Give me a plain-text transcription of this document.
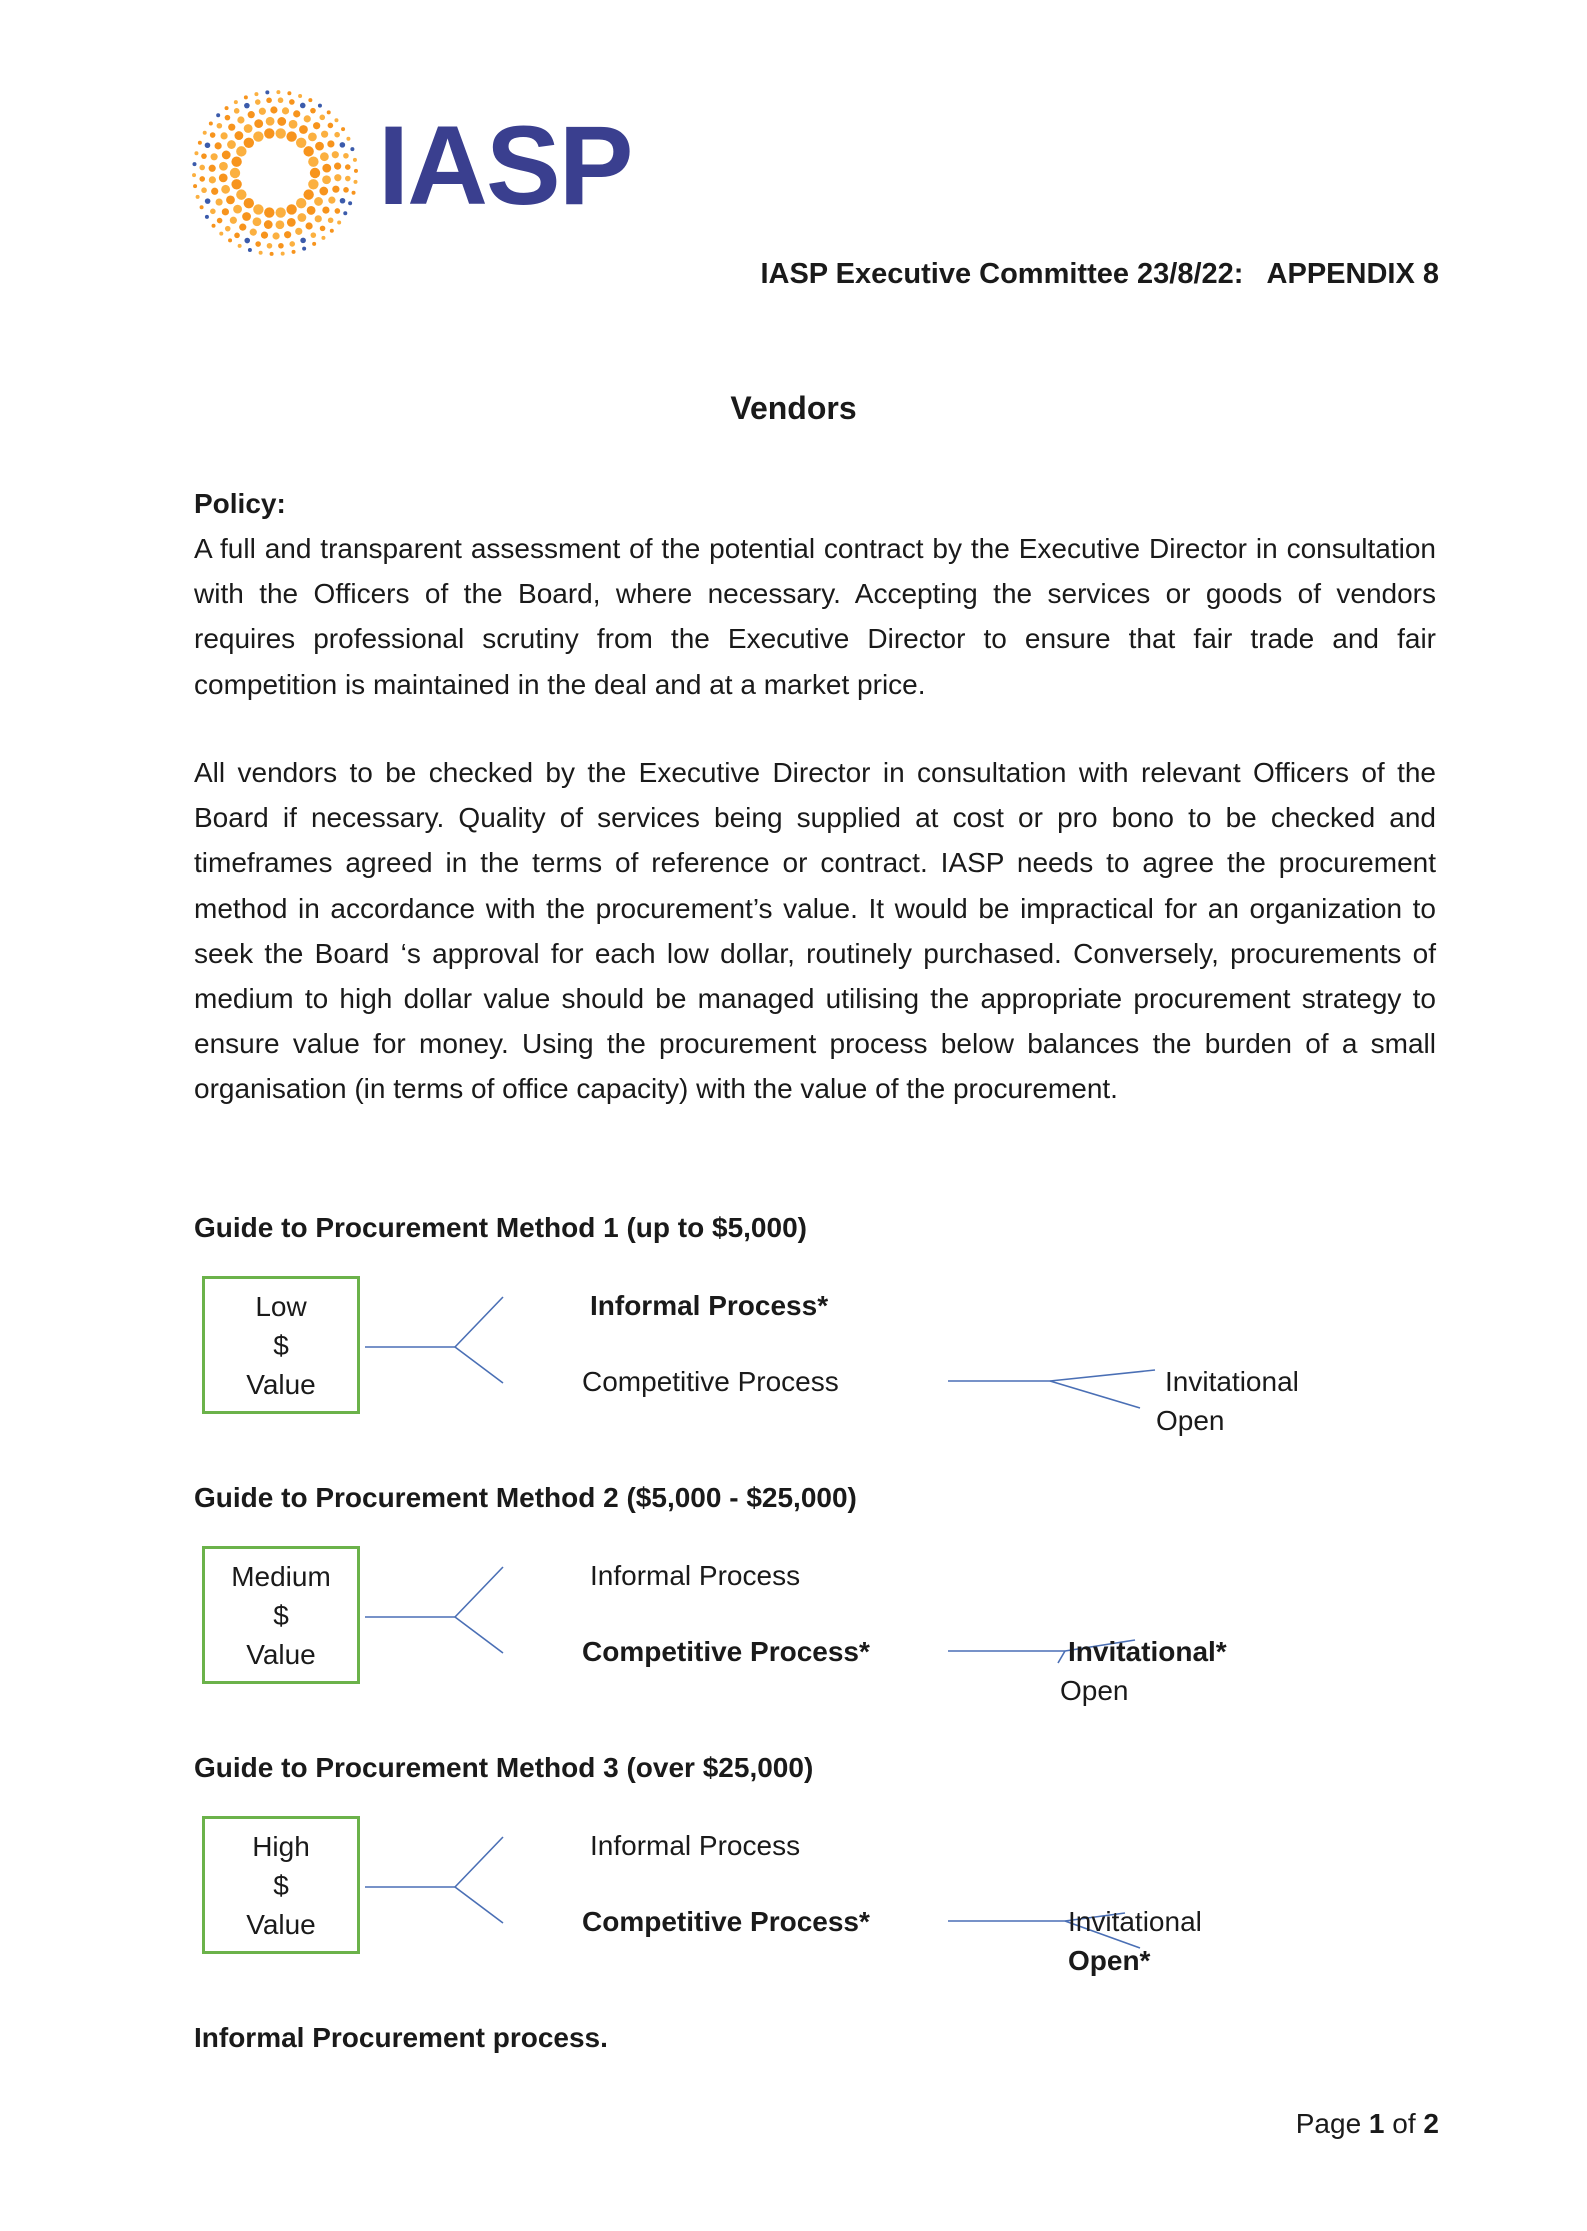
IASP
IASP Executive Committee 23/8/22:   APPENDIX 8
Vendors
Policy:

A full and transparent assessment of the potential contract by the Executive Director in consultation with the Officers of the Board, where necessary. Accepting the services or goods of vendors requires professional scrutiny from the Executive Director to ensure that fair trade and fair competition is maintained in the deal and at a market price.

All vendors to be checked by the Executive Director in consultation with relevant Officers of the Board if necessary. Quality of services being supplied at cost or pro bono to be checked and timeframes agreed in the terms of reference or contract. IASP needs to agree the procurement method in accordance with the procurement’s value. It would be impractical for an organization to seek the Board ‘s approval for each low dollar, routinely purchased. Conversely, procurements of medium to high dollar value should be managed utilising the appropriate procurement strategy to ensure value for money. Using the procurement process below balances the burden of a small organisation (in terms of office capacity) with the value of the procurement.

Guide to Procurement Method 1 (up to $5,000)
Low
$
Value
Informal Process*
Competitive Process	Invitational
Open
Guide to Procurement Method 2 ($5,000 - $25,000)
Medium
$
Value
Informal Process
Competitive Process*	Invitational*
Open
Guide to Procurement Method 3 (over $25,000)
High
$
Value
Informal Process
Competitive Process*	Invitational
Open*
Informal Procurement process.
Page 1 of 2
